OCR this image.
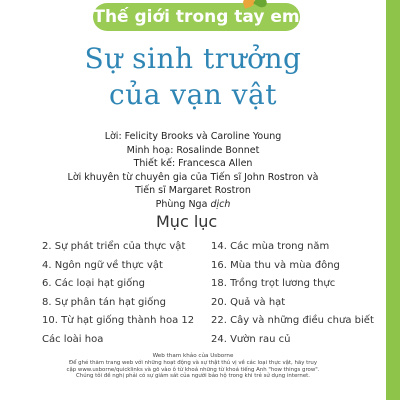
Thế giới trong tay em
Sự sinh trưởng
của vạn vật
Lời: Felicity Brooks và Caroline Young
Minh hoạ: Rosalinde Bonnet
Thiết kế: Francesca Allen
Lời khuyên từ chuyên gia của Tiến sĩ John Rostron và
Tiến sĩ Margaret Rostron
Phùng Nga dịch
Mục lục
2. Sự phát triển của thực vật
4. Ngôn ngữ về thực vật
6. Các loại hạt giống
8. Sự phân tán hạt giống
10. Từ hạt giống thành hoa 12
Các loài hoa
14. Các mùa trong năm
16. Mùa thu và mùa đông
18. Trồng trọt lương thực
20. Quả và hạt
22. Cây và những điều chưa biết
24. Vườn rau củ
Web tham khảo của Usborne
Để ghé thăm trang web với những hoạt động và sự thật thú vị về các loại thực vật, hãy truy
cập www.usborne/quicklinks và gõ vào ô từ khoá những từ khoá tiếng Anh "how things grow".
Chúng tôi đề nghị phải có sự giám sát của người bảo hộ trong khi trẻ sử dụng internet.
